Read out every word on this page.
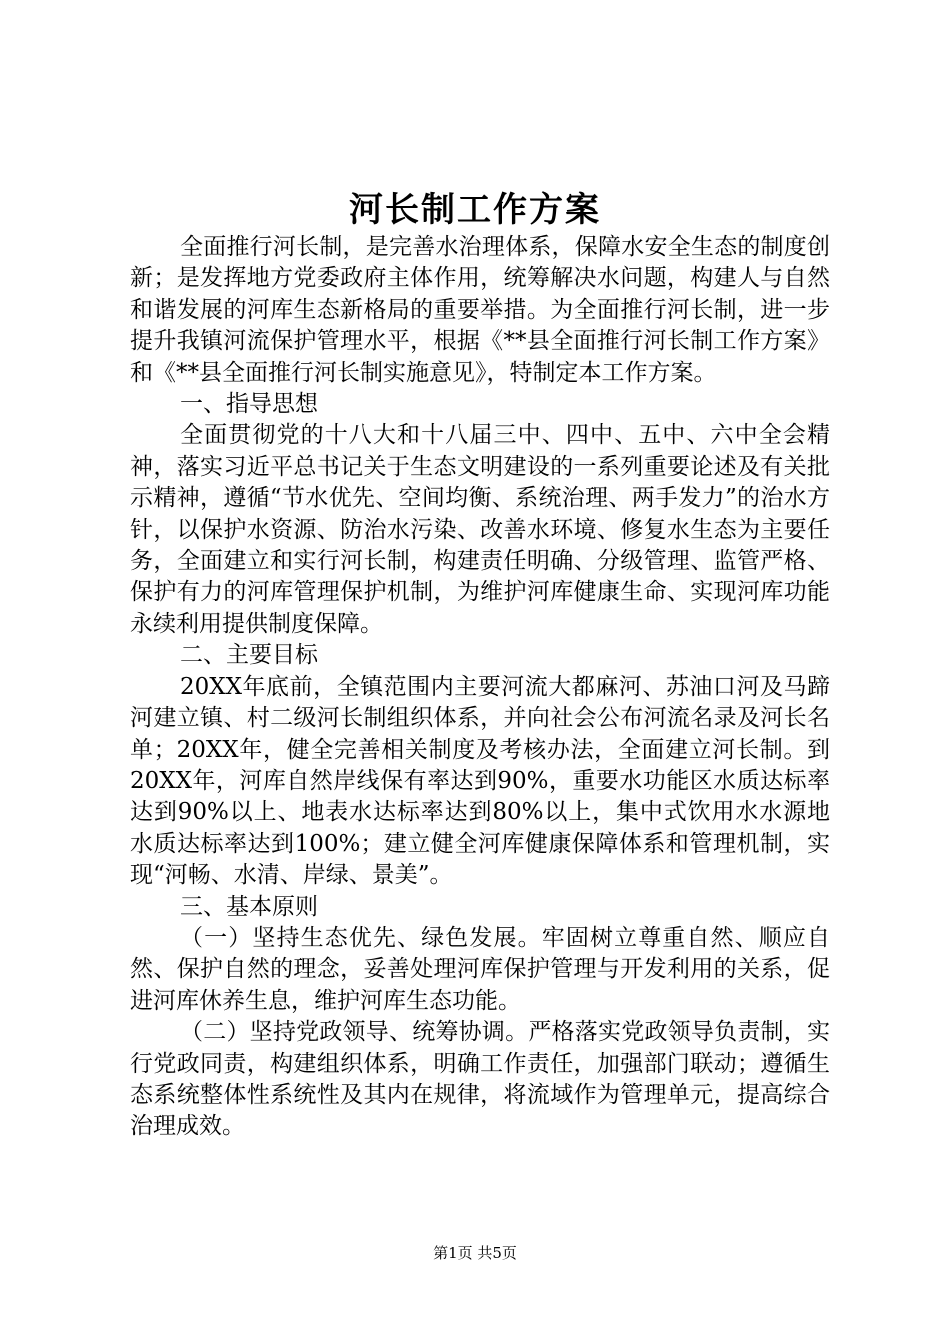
河长制工作方案

全面推行河长制，是完善水治理体系，保障水安全生态的制度创新；是发挥地方党委政府主体作用，统筹解决水问题，构建人与自然和谐发展的河库生态新格局的重要举措。为全面推行河长制，进一步提升我镇河流保护管理水平，根据《**县全面推行河长制工作方案》和《**县全面推行河长制实施意见》，特制定本工作方案。

一、指导思想

全面贯彻党的十八大和十八届三中、四中、五中、六中全会精神，落实习近平总书记关于生态文明建设的一系列重要论述及有关批示精神，遵循“节水优先、空间均衡、系统治理、两手发力”的治水方针，以保护水资源、防治水污染、改善水环境、修复水生态为主要任务，全面建立和实行河长制，构建责任明确、分级管理、监管严格、保护有力的河库管理保护机制，为维护河库健康生命、实现河库功能永续利用提供制度保障。

二、主要目标

20XX年底前，全镇范围内主要河流大都麻河、苏油口河及马蹄河建立镇、村二级河长制组织体系，并向社会公布河流名录及河长名单；20XX年，健全完善相关制度及考核办法，全面建立河长制。到20XX年，河库自然岸线保有率达到90%，重要水功能区水质达标率达到90%以上、地表水达标率达到80%以上，集中式饮用水水源地水质达标率达到100%；建立健全河库健康保障体系和管理机制，实现“河畅、水清、岸绿、景美”。

三、基本原则

（一）坚持生态优先、绿色发展。牢固树立尊重自然、顺应自然、保护自然的理念，妥善处理河库保护管理与开发利用的关系，促进河库休养生息，维护河库生态功能。

（二）坚持党政领导、统筹协调。严格落实党政领导负责制，实行党政同责，构建组织体系，明确工作责任，加强部门联动；遵循生态系统整体性系统性及其内在规律，将流域作为管理单元，提高综合治理成效。

第1页 共5页
